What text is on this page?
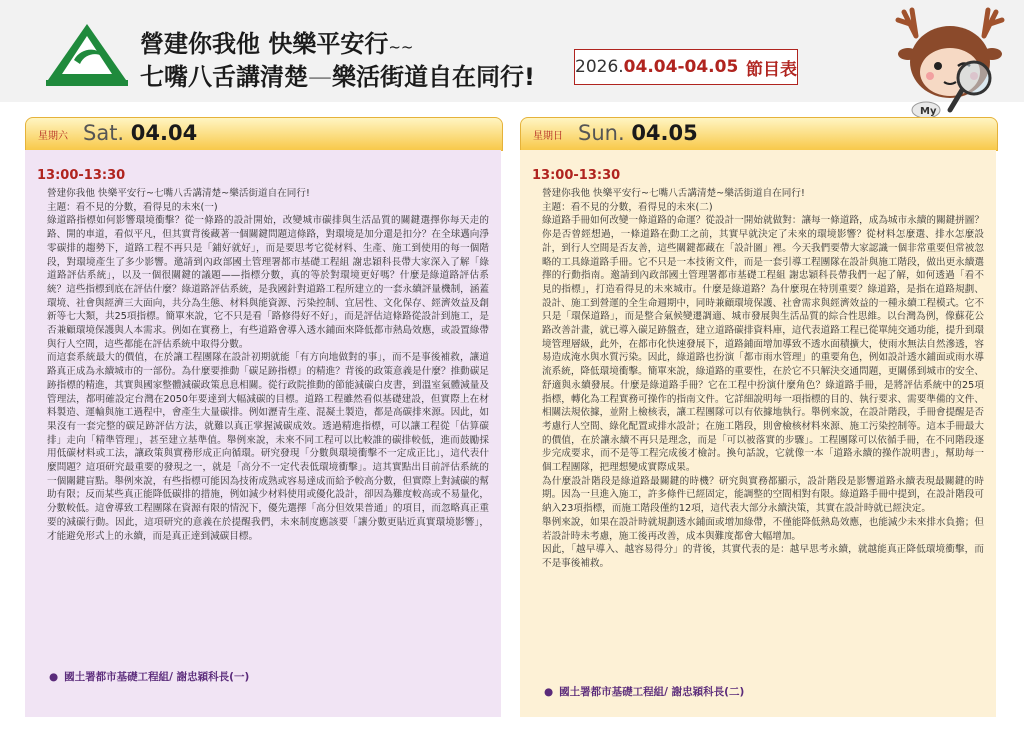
營建你我他 快樂平安行~~
七嘴八舌講清楚—樂活街道自在同行! 2026. 04.04-04.05 節目表
My
星期六 Sat. 04.04
13:00-13:30

營建你我他 快樂平安行~七嘴八舌講清楚~樂活街道自在同行!

主題：看不見的分數，看得見的未來(一)

綠道路指標如何影響環境衝擊？從一條路的設計開始，改變城市碳排與生活品質的關鍵選擇你每天走的路、開的車道，看似平凡，但其實背後藏著一個關鍵問題這條路，對環境是加分還是扣分？在全球邁向淨零碳排的趨勢下，道路工程不再只是「鋪好就好」，而是要思考它從材料、生產、施工到使用的每一個階段，對環境產生了多少影響。邀請到內政部國土管理署都市基礎工程組 謝忠穎科長帶大家深入了解「綠道路評估系統」，以及一個很關鍵的議題——指標分數，真的等於對環境更好嗎？什麼是綠道路評估系統？這些指標到底在評估什麼？綠道路評估系統，是我國針對道路工程所建立的一套永續評量機制，涵蓋環境、社會與經濟三大面向，共分為生態、材料與能資源、污染控制、宜居性、文化保存、經濟效益及創新等七大類，共25項指標。簡單來說，它不只是看「路修得好不好」，而是評估這條路從設計到施工，是否兼顧環境保護與人本需求。例如在實務上，有些道路會導入透水鋪面來降低都市熱島效應，或設置綠帶與行人空間，這些都能在評估系統中取得分數。

而這套系統最大的價值，在於讓工程團隊在設計初期就能「有方向地做對的事」，而不是事後補救，讓道路真正成為永續城市的一部份。為什麼要推動「碳足跡指標」的精進？背後的政策意義是什麼？推動碳足跡指標的精進，其實與國家整體減碳政策息息相關。從行政院推動的節能減碳白皮書，到溫室氣體減量及管理法，都明確設定台灣在2050年要達到大幅減碳的目標。道路工程雖然看似基礎建設，但實際上在材料製造、運輸與施工過程中，會產生大量碳排。例如瀝青生產、混凝土製造，都是高碳排來源。因此，如果沒有一套完整的碳足跡評估方法，就難以真正掌握減碳成效。透過精進指標，可以讓工程從「估算碳排」走向「精準管理」，甚至建立基準值。舉例來說，未來不同工程可以比較誰的碳排較低，進而鼓勵採用低碳材料或工法，讓政策與實務形成正向循環。研究發現「分數與環境衝擊不一定成正比」，這代表什麼問題？這項研究最重要的發現之一，就是「高分不一定代表低環境衝擊」。這其實點出目前評估系統的一個關鍵盲點。舉例來說，有些指標可能因為技術成熟或容易達成而給予較高分數，但實際上對減碳的幫助有限；反而某些真正能降低碳排的措施，例如減少材料使用或優化設計，卻因為難度較高或不易量化，分數較低。這會導致工程團隊在資源有限的情況下，優先選擇「高分但效果普通」的項目，而忽略真正重要的減碳行動。因此，這項研究的意義在於提醒我們，未來制度應該要「讓分數更貼近真實環境影響」，才能避免形式上的永續，而是真正達到減碳目標。

● 國土署都市基礎工程組/ 謝忠穎科長(一)
星期日 Sun. 04.05
13:00-13:30

營建你我他 快樂平安行~七嘴八舌講清楚~樂活街道自在同行!

主題：看不見的分數，看得見的未來(二)

綠道路手冊如何改變一條道路的命運？從設計一開始就做對：讓每一條道路，成為城市永續的關鍵拼圖？你是否曾經想過，一條道路在動工之前，其實早就決定了未來的環境影響？從材料怎麼選、排水怎麼設計，到行人空間是否友善，這些關鍵都藏在「設計圖」裡。今天我們要帶大家認識一個非常重要但常被忽略的工具綠道路手冊。它不只是一本技術文件，而是一套引導工程團隊在設計與施工階段，做出更永續選擇的行動指南。邀請到內政部國土管理署都市基礎工程組 謝忠穎科長帶我們一起了解，如何透過「看不見的指標」，打造看得見的未來城市。什麼是綠道路？為什麼現在特別重要？綠道路，是指在道路規劃、設計、施工到營運的全生命週期中，同時兼顧環境保護、社會需求與經濟效益的一種永續工程模式。它不只是「環保道路」，而是整合氣候變遷調適、城市發展與生活品質的綜合性思維。以台灣為例，像蘇花公路改善計畫，就已導入碳足跡盤查，建立道路碳排資料庫，這代表道路工程已從單純交通功能，提升到環境管理層級，此外，在都市化快速發展下，道路鋪面增加導致不透水面積擴大，使雨水無法自然滲透，容易造成淹水與水質污染。因此，綠道路也扮演「都市雨水管理」的重要角色，例如設計透水鋪面或雨水導流系統，降低環境衝擊。簡單來說，綠道路的重要性，在於它不只解決交通問題，更關係到城市的安全、舒適與永續發展。什麼是綠道路手冊？它在工程中扮演什麼角色？綠道路手冊，是將評估系統中的25項指標，轉化為工程實務可操作的指南文件。它詳細說明每一項指標的目的、執行要求、需要準備的文件、相關法規依據，並附上檢核表，讓工程團隊可以有依據地執行。舉例來說，在設計階段，手冊會提醒是否考慮行人空間、綠化配置或排水設計；在施工階段，則會檢核材料來源、施工污染控制等。這本手冊最大的價值，在於讓永續不再只是理念，而是「可以被落實的步驟」。工程團隊可以依循手冊，在不同階段逐步完成要求，而不是等工程完成後才檢討。換句話說，它就像一本「道路永續的操作說明書」，幫助每一個工程團隊，把理想變成實際成果。

為什麼設計階段是綠道路最關鍵的時機？研究與實務都顯示，設計階段是影響道路永續表現最關鍵的時期。因為一旦進入施工，許多條件已經固定，能調整的空間相對有限。綠道路手冊中提到，在設計階段可納入23項指標，而施工階段僅約12項，這代表大部分永續決策，其實在設計時就已經決定。

舉例來說，如果在設計時就規劃透水鋪面或增加綠帶，不僅能降低熱島效應，也能減少未來排水負擔；但若設計時未考慮，施工後再改善，成本與難度都會大幅增加。

因此，「越早導入、越容易得分」的背後，其實代表的是：越早思考永續，就越能真正降低環境衝擊，而不是事後補救。

● 國土署都市基礎工程組/ 謝忠穎科長(二)
